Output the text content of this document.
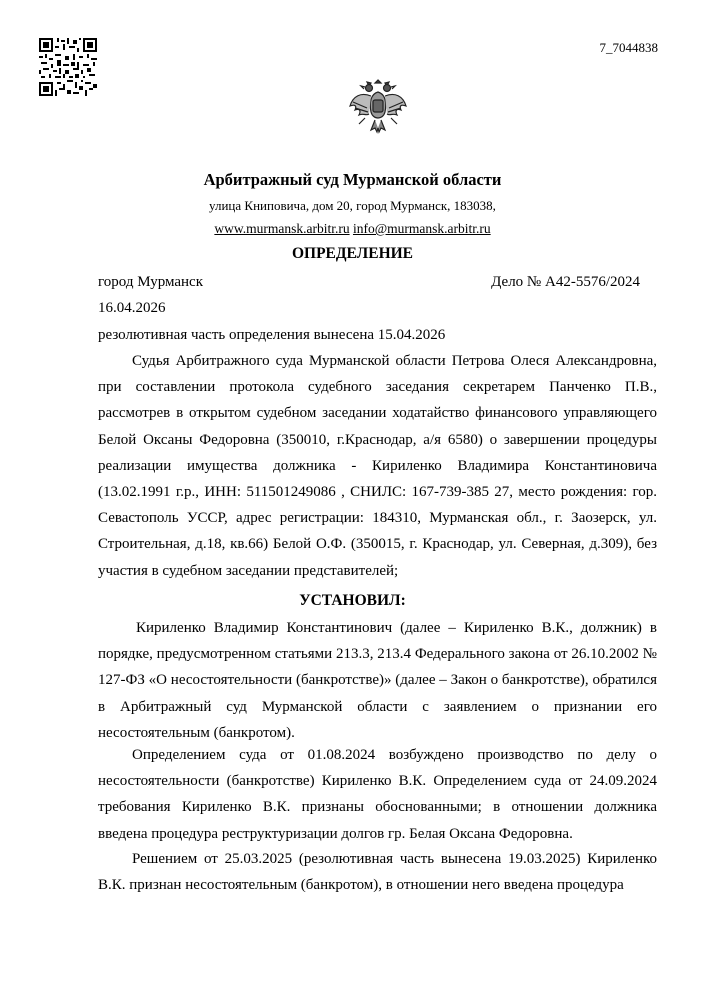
7_7044838
Арбитражный суд Мурманской области
улица Книповича, дом 20, город Мурманск, 183038,
www.murmansk.arbitr.ru info@murmansk.arbitr.ru
ОПРЕДЕЛЕНИЕ
город Мурманск	Дело № А42-5576/2024
16.04.2026
резолютивная часть определения вынесена 15.04.2026

Судья Арбитражного суда Мурманской области Петрова Олеся Александровна, при составлении протокола судебного заседания секретарем Панченко П.В., рассмотрев в открытом судебном заседании ходатайство финансового управляющего Белой Оксаны Федоровна (350010, г.Краснодар, а/я 6580) о завершении процедуры реализации имущества должника - Кириленко Владимира Константиновича (13.02.1991 г.р., ИНН: 511501249086 , СНИЛС: 167-739-385 27, место рождения: гор. Севастополь УССР, адрес регистрации: 184310, Мурманская обл., г. Заозерск, ул. Строительная, д.18, кв.66) Белой О.Ф. (350015, г. Краснодар, ул. Северная, д.309), без участия в судебном заседании представителей;

УСТАНОВИЛ:

Кириленко Владимир Константинович (далее – Кириленко В.К., должник) в порядке, предусмотренном статьями 213.3, 213.4 Федерального закона от 26.10.2002 № 127-ФЗ «О несостоятельности (банкротстве)» (далее – Закон о банкротстве), обратился в Арбитражный суд Мурманской области с заявлением о признании его несостоятельным (банкротом).

Определением суда от 01.08.2024 возбуждено производство по делу о несостоятельности (банкротстве) Кириленко В.К. Определением суда от 24.09.2024 требования Кириленко В.К. признаны обоснованными; в отношении должника введена процедура реструктуризации долгов гр. Белая Оксана Федоровна.

Решением от 25.03.2025 (резолютивная часть вынесена 19.03.2025) Кириленко В.К. признан несостоятельным (банкротом), в отношении него введена процедура
